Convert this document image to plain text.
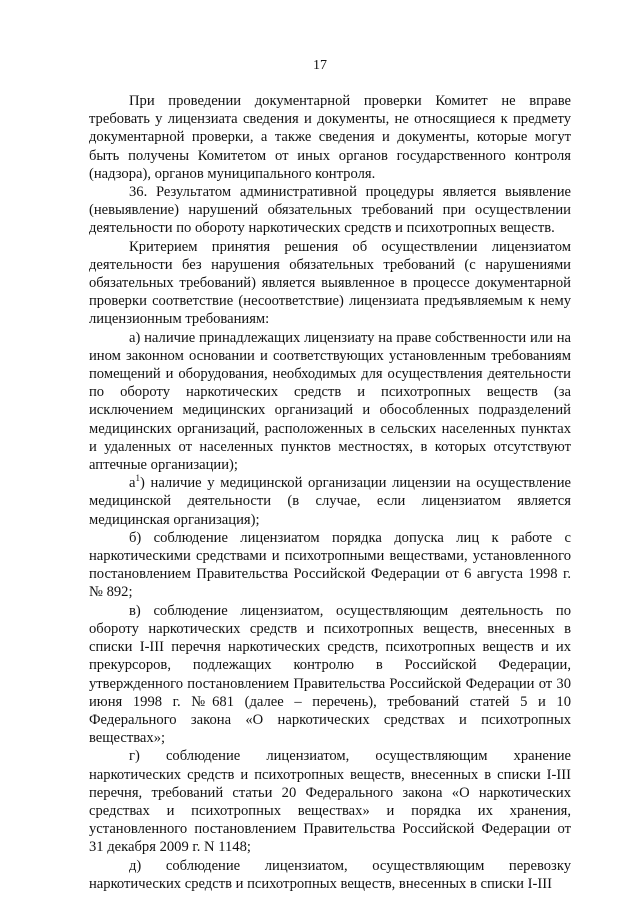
17

При проведении документарной проверки Комитет не вправе требовать у лицензиата сведения и документы, не относящиеся к предмету документарной проверки, а также сведения и документы, которые могут быть получены Комитетом от иных органов государственного контроля (надзора), органов муниципального контроля.

36. Результатом административной процедуры является выявление (невыявление) нарушений обязательных требований при осуществлении деятельности по обороту наркотических средств и психотропных веществ.

Критерием принятия решения об осуществлении лицензиатом деятельности без нарушения обязательных требований (с нарушениями обязательных требований) является выявленное в процессе документарной проверки соответствие (несоответствие) лицензиата предъявляемым к нему лицензионным требованиям:

а) наличие принадлежащих лицензиату на праве собственности или на ином законном основании и соответствующих установленным требованиям помещений и оборудования, необходимых для осуществления деятельности по обороту наркотических средств и психотропных веществ (за исключением медицинских организаций и обособленных подразделений медицинских организаций, расположенных в сельских населенных пунктах и удаленных от населенных пунктов местностях, в которых отсутствуют аптечные организации);

$а^1$) наличие у медицинской организации лицензии на осуществление медицинской деятельности (в случае, если лицензиатом является медицинская организация);

б) соблюдение лицензиатом порядка допуска лиц к работе с наркотическими средствами и психотропными веществами, установленного постановлением Правительства Российской Федерации от 6 августа 1998 г. № 892;

в) соблюдение лицензиатом, осуществляющим деятельность по обороту наркотических средств и психотропных веществ, внесенных в списки I-III перечня наркотических средств, психотропных веществ и их прекурсоров, подлежащих контролю в Российской Федерации, утвержденного постановлением Правительства Российской Федерации от 30 июня 1998 г. №681 (далее – перечень), требований статей 5 и 10 Федерального закона «О наркотических средствах и психотропных веществах»;

г) соблюдение лицензиатом, осуществляющим хранение наркотических средств и психотропных веществ, внесенных в списки I-III перечня, требований статьи 20 Федерального закона «О наркотических средствах и психотропных веществах» и порядка их хранения, установленного постановлением Правительства Российской Федерации от 31 декабря 2009 г. N 1148;

д) соблюдение лицензиатом, осуществляющим перевозку наркотических средств и психотропных веществ, внесенных в списки I-III
